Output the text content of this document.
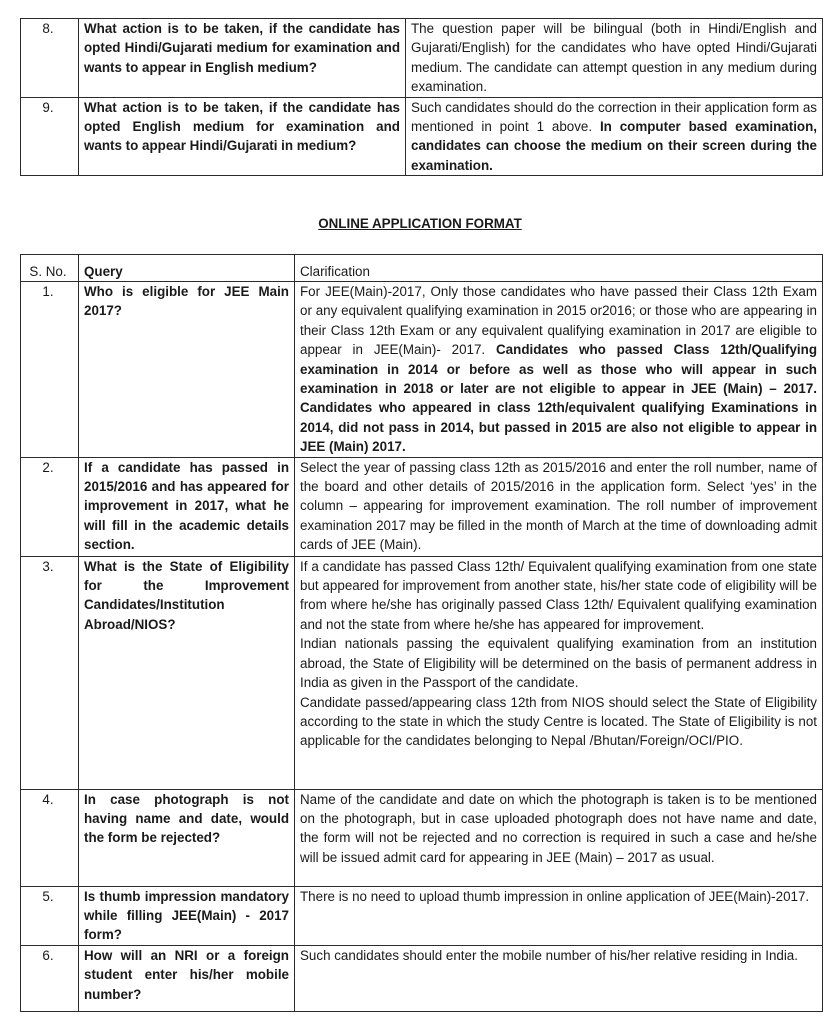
8.	What action is to be taken, if the candidate has opted Hindi/Gujarati medium for examination and wants to appear in English medium?	The question paper will be bilingual (both in Hindi/English and Gujarati/English) for the candidates who have opted Hindi/Gujarati medium. The candidate can attempt question in any medium during examination.
9.	What action is to be taken, if the candidate has opted English medium for examination and wants to appear Hindi/Gujarati in medium?	Such candidates should do the correction in their application form as mentioned in point 1 above. In computer based examination, candidates can choose the medium on their screen during the examination.
ONLINE APPLICATION FORMAT
S. No.	Query	Clarification
1.	Who is eligible for JEE Main 2017?	For JEE(Main)-2017, Only those candidates who have passed their Class 12th Exam or any equivalent qualifying examination in 2015 or2016; or those who are appearing in their Class 12th Exam or any equivalent qualifying examination in 2017 are eligible to appear in JEE(Main)- 2017. Candidates who passed Class 12th/Qualifying examination in 2014 or before as well as those who will appear in such examination in 2018 or later are not eligible to appear in JEE (Main) – 2017. Candidates who appeared in class 12th/equivalent qualifying Examinations in 2014, did not pass in 2014, but passed in 2015 are also not eligible to appear in JEE (Main) 2017.
2.	If a candidate has passed in 2015/2016 and has appeared for improvement in 2017, what he will fill in the academic details section.	Select the year of passing class 12th as 2015/2016 and enter the roll number, name of the board and other details of 2015/2016 in the application form. Select ‘yes’ in the column – appearing for improvement examination. The roll number of improvement examination 2017 may be filled in the month of March at the time of downloading admit cards of JEE (Main).
3.	What is the State of Eligibility for the Improvement Candidates/Institution Abroad/NIOS?	If a candidate has passed Class 12th/ Equivalent qualifying examination from one state but appeared for improvement from another state, his/her state code of eligibility will be from where he/she has originally passed Class 12th/ Equivalent qualifying examination and not the state from where he/she has appeared for improvement.
Indian nationals passing the equivalent qualifying examination from an institution abroad, the State of Eligibility will be determined on the basis of permanent address in India as given in the Passport of the candidate.
Candidate passed/appearing class 12th from NIOS should select the State of Eligibility according to the state in which the study Centre is located. The State of Eligibility is not applicable for the candidates belonging to Nepal /Bhutan/Foreign/OCI/PIO.

4.	In case photograph is not having name and date, would the form be rejected?	Name of the candidate and date on which the photograph is taken is to be mentioned on the photograph, but in case uploaded photograph does not have name and date, the form will not be rejected and no correction is required in such a case and he/she will be issued admit card for appearing in JEE (Main) – 2017 as usual.
5.	Is thumb impression mandatory while filling JEE(Main) - 2017 form?	There is no need to upload thumb impression in online application of JEE(Main)-2017.
6.	How will an NRI or a foreign student enter his/her mobile number?	Such candidates should enter the mobile number of his/her relative residing in India.
